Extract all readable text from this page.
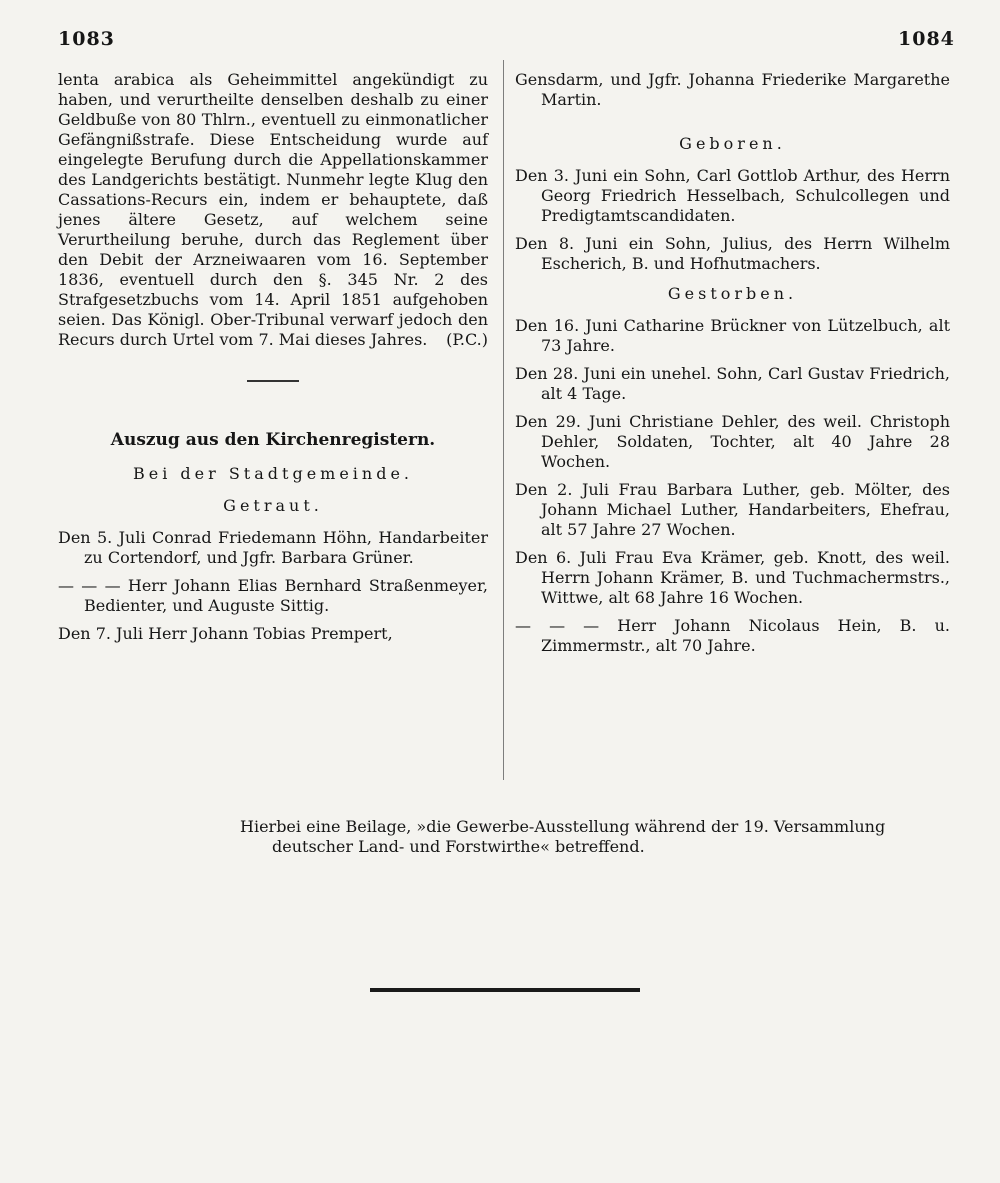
1083	1084

lenta arabica als Geheimmittel angekündigt zu haben, und verurtheilte denselben deshalb zu einer Geldbuße von 80 Thlrn., eventuell zu einmonatlicher Gefängnißstrafe. Diese Entscheidung wurde auf eingelegte Berufung durch die Appellationskammer des Landgerichts bestätigt. Nunmehr legte Klug den Cassations-Recurs ein, indem er behauptete, daß jenes ältere Gesetz, auf welchem seine Verurtheilung beruhe, durch das Reglement über den Debit der Arzneiwaaren vom 16. September 1836, eventuell durch den §. 345 Nr. 2 des Strafgesetzbuchs vom 14. April 1851 aufgehoben seien. Das Königl. Ober-Tribunal verwarf jedoch den Recurs durch Urtel vom 7. Mai dieses Jahres.	(P.C.)

Auszug aus den Kirchenregistern.

Bei der Stadtgemeinde.

Getraut.

Den 5. Juli Conrad Friedemann Höhn, Handarbeiter zu Cortendorf, und Jgfr. Barbara Grüner.

— — — Herr Johann Elias Bernhard Straßenmeyer, Bedienter, und Auguste Sittig.

Den 7. Juli Herr Johann Tobias Prempert,

Gensdarm, und Jgfr. Johanna Friederike Margarethe Martin.

Geboren.

Den 3. Juni ein Sohn, Carl Gottlob Arthur, des Herrn Georg Friedrich Hesselbach, Schulcollegen und Predigtamtscandidaten.

Den 8. Juni ein Sohn, Julius, des Herrn Wilhelm Escherich, B. und Hofhutmachers.

Gestorben.

Den 16. Juni Catharine Brückner von Lützelbuch, alt 73 Jahre.

Den 28. Juni ein unehel. Sohn, Carl Gustav Friedrich, alt 4 Tage.

Den 29. Juni Christiane Dehler, des weil. Christoph Dehler, Soldaten, Tochter, alt 40 Jahre 28 Wochen.

Den 2. Juli Frau Barbara Luther, geb. Mölter, des Johann Michael Luther, Handarbeiters, Ehefrau, alt 57 Jahre 27 Wochen.

Den 6. Juli Frau Eva Krämer, geb. Knott, des weil. Herrn Johann Krämer, B. und Tuchmachermstrs., Wittwe, alt 68 Jahre 16 Wochen.

— — — Herr Johann Nicolaus Hein, B. u. Zimmermstr., alt 70 Jahre.

Hierbei eine Beilage, »die Gewerbe-Ausstellung während der 19. Versammlung

deutscher Land- und Forstwirthe« betreffend.
